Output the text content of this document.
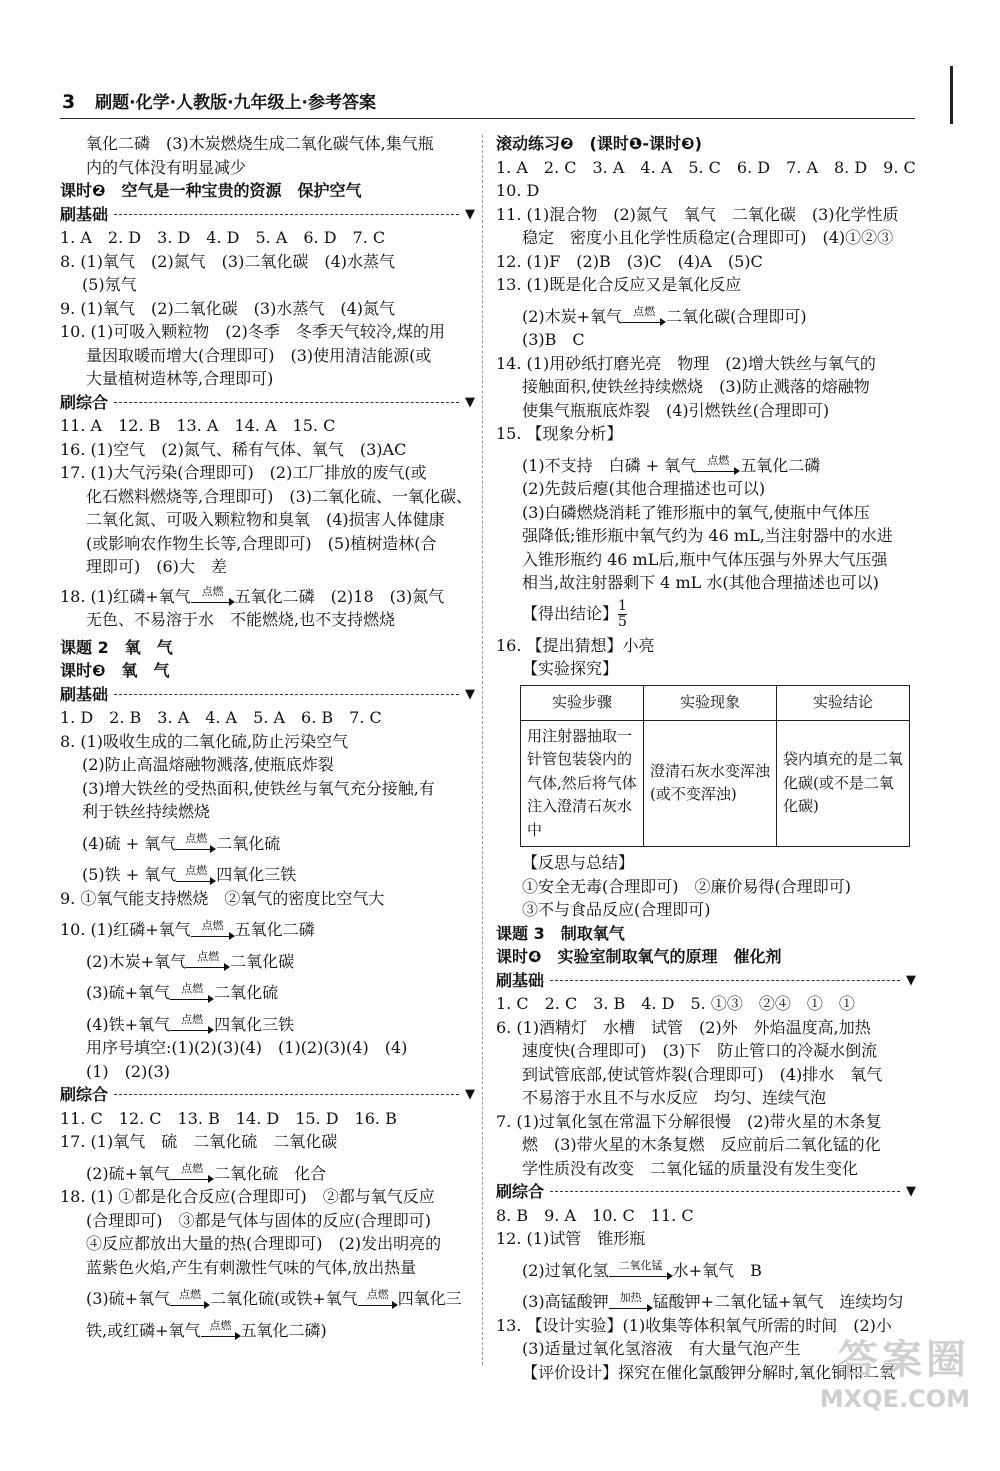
3 刷题·化学·人教版·九年级上·参考答案

氧化二磷　(3)木炭燃烧生成二氧化碳气体,集气瓶

内的气体没有明显减少

课时❷　空气是一种宝贵的资源　保护空气

刷基础	▼

1. A　2. D　3. D　4. D　5. A　6. D　7. C

8. (1)氧气　(2)氮气　(3)二氧化碳　(4)水蒸气

(5)氖气

9. (1)氧气　(2)二氧化碳　(3)水蒸气　(4)氮气

10. (1)可吸入颗粒物　(2)冬季　冬季天气较冷,煤的用

量因取暖而增大(合理即可)　(3)使用清洁能源(或

大量植树造林等,合理即可)

刷综合	▼

11. A　12. B　13. A　14. A　15. C

16. (1)空气　(2)氮气、稀有气体、氧气　(3)AC

17. (1)大气污染(合理即可)　(2)工厂排放的废气(或

化石燃料燃烧等,合理即可)　(3)二氧化硫、一氧化碳、

二氧化氮、可吸入颗粒物和臭氧　(4)损害人体健康

(或影响农作物生长等,合理即可)　(5)植树造林(合

理即可)　(6)大　差

18. (1)红磷+氧气	点燃 五氧化二磷　(2)18　(3)氮气

无色、不易溶于水　不能燃烧,也不支持燃烧

课题 2　氧　气

课时❸　氧　气

刷基础	▼

1. D　2. B　3. A　4. A　5. A　6. B　7. C

8. (1)吸收生成的二氧化硫,防止污染空气

(2)防止高温熔融物溅落,使瓶底炸裂

(3)增大铁丝的受热面积,使铁丝与氧气充分接触,有

利于铁丝持续燃烧

(4)硫 + 氧气 点燃 二氧化硫

(5)铁 + 氧气 点燃 四氧化三铁

9. ①氧气能支持燃烧　②氧气的密度比空气大

10. (1)红磷+氧气	点燃 五氧化二磷

(2)木炭+氧气	点燃 二氧化碳

(3)硫+氧气	点燃 二氧化硫

(4)铁+氧气	点燃 四氧化三铁

用序号填空:(1)(2)(3)(4)　(1)(2)(3)(4)　(4)

(1)　(2)(3)

刷综合	▼

11. C　12. C　13. B　14. D　15. D　16. B

17. (1)氧气　硫　二氧化硫　二氧化碳

(2)硫+氧气	点燃 二氧化硫　化合

18. (1) ①都是化合反应(合理即可)　②都与氧气反应

(合理即可)　③都是气体与固体的反应(合理即可)

④反应都放出大量的热(合理即可)　(2)发出明亮的

蓝紫色火焰,产生有刺激性气味的气体,放出热量

(3)硫+氧气 点燃 二氧化硫(或铁+氧气 点燃 四氧化三

铁,或红磷+氧气 点燃 五氧化二磷)

滚动练习❷　(课时❶-课时❸)

1. A　2. C　3. A　4. A　5. C　6. D　7. A　8. D　9. C

10. D

11. (1)混合物　(2)氮气　氧气　二氧化碳　(3)化学性质

稳定　密度小且化学性质稳定(合理即可)　(4)①②③

12. (1)F　(2)B　(3)C　(4)A　(5)C

13. (1)既是化合反应又是氧化反应

(2)木炭+氧气	点燃 二氧化碳(合理即可)

(3)B　C

14. (1)用砂纸打磨光亮　物理　(2)增大铁丝与氧气的

接触面积,使铁丝持续燃烧　(3)防止溅落的熔融物

使集气瓶瓶底炸裂　(4)引燃铁丝(合理即可)

15. 【现象分析】

(1)不支持　白磷 + 氧气	点燃 五氧化二磷

(2)先鼓后瘪(其他合理描述也可以)

(3)白磷燃烧消耗了锥形瓶中的氧气,使瓶中气体压

强降低;锥形瓶中氧气约为 46 mL,当注射器中的水进

入锥形瓶约 46 mL后,瓶中气体压强与外界大气压强

相当,故注射器剩下 4 mL 水(其他合理描述也可以)

【得出结论】 $\frac{1}{5}$

16. 【提出猜想】小亮

【实验探究】

实验步骤	实验现象	实验结论
用注射器抽取一针管包装袋内的气体,然后将气体注入澄清石灰水中	澄清石灰水变浑浊(或不变浑浊)	袋内填充的是二氧化碳(或不是二氧化碳)

【反思与总结】

①安全无毒(合理即可)　②廉价易得(合理即可)

③不与食品反应(合理即可)

课题 3　制取氧气

课时❹　实验室制取氧气的原理　催化剂

刷基础	▼

1. C　2. C　3. B　4. D　5. ①③　②④　①　①

6. (1)酒精灯　水槽　试管　(2)外　外焰温度高,加热

速度快(合理即可)　(3)下　防止管口的冷凝水倒流

到试管底部,使试管炸裂(合理即可)　(4)排水　氧气

不易溶于水且不与水反应　均匀、连续气泡

7. (1)过氧化氢在常温下分解很慢　(2)带火星的木条复

燃　(3)带火星的木条复燃　反应前后二氧化锰的化

学性质没有改变　二氧化锰的质量没有发生变化

刷综合	▼

8. B　9. A　10. C　11. C

12. (1)试管　锥形瓶

(2)过氧化氢 二氧化锰 水+氧气　B

(3)高锰酸钾	加热 锰酸钾+二氧化锰+氧气　连续均匀

13. 【设计实验】(1)收集等体积氧气所需的时间　(2)小

(3)适量过氧化氢溶液　有大量气泡产生

【评价设计】探究在催化氯酸钾分解时,氧化铜和二氧

答案圈
MXQE.COM
